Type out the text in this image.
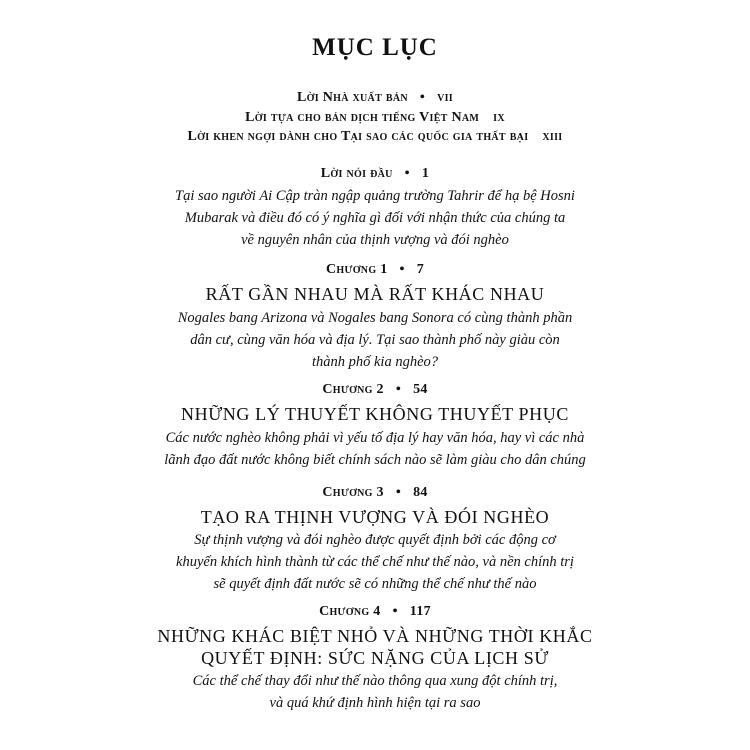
MỤC LỤC
Lời Nhà xuất bản • vii
Lời tựa cho bản dịch tiếng Việt Nam ix
Lời khen ngợi dành cho Tại sao các quốc gia thất bại xiii
Lời nói đầu • 1
Tại sao người Ai Cập tràn ngập quảng trường Tahrir để hạ bệ Hosni
Mubarak và điều đó có ý nghĩa gì đối với nhận thức của chúng ta
về nguyên nhân của thịnh vượng và đói nghèo
Chương 1 • 7
RẤT GẦN NHAU MÀ RẤT KHÁC NHAU
Nogales bang Arizona và Nogales bang Sonora có cùng thành phần
dân cư, cùng văn hóa và địa lý. Tại sao thành phố này giàu còn
thành phố kia nghèo?
Chương 2 • 54
NHỮNG LÝ THUYẾT KHÔNG THUYẾT PHỤC
Các nước nghèo không phải vì yếu tố địa lý hay văn hóa, hay vì các nhà
lãnh đạo đất nước không biết chính sách nào sẽ làm giàu cho dân chúng
Chương 3 • 84
TẠO RA THỊNH VƯỢNG VÀ ĐÓI NGHÈO
Sự thịnh vượng và đói nghèo được quyết định bởi các động cơ
khuyến khích hình thành từ các thể chế như thế nào, và nền chính trị
sẽ quyết định đất nước sẽ có những thể chế như thế nào
Chương 4 • 117
NHỮNG KHÁC BIỆT NHỎ VÀ NHỮNG THỜI KHẮC
QUYẾT ĐỊNH: SỨC NẶNG CỦA LỊCH SỬ
Các thể chế thay đổi như thế nào thông qua xung đột chính trị,
và quá khứ định hình hiện tại ra sao
